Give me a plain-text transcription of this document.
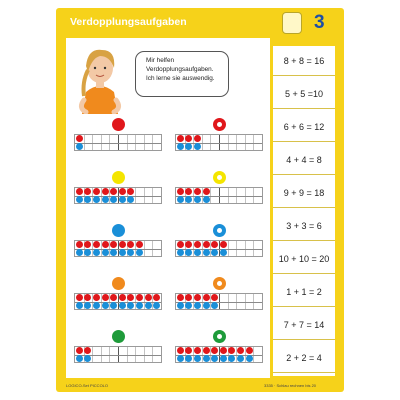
Verdopplungsaufgaben	3
Mir helfen
Verdopplungsaufgaben.
Ich lerne sie auswendig.
8 + 8 = 16
5 + 5 =10
6 + 6 = 12
4 + 4 = 8
9 + 9 = 18
3 + 3 = 6
10 + 10 = 20
1 + 1 = 2
7 + 7 = 14
2 + 2 = 4
LOGICO-Set PICCOLO	3335 · Schlau rechnen bis 20
